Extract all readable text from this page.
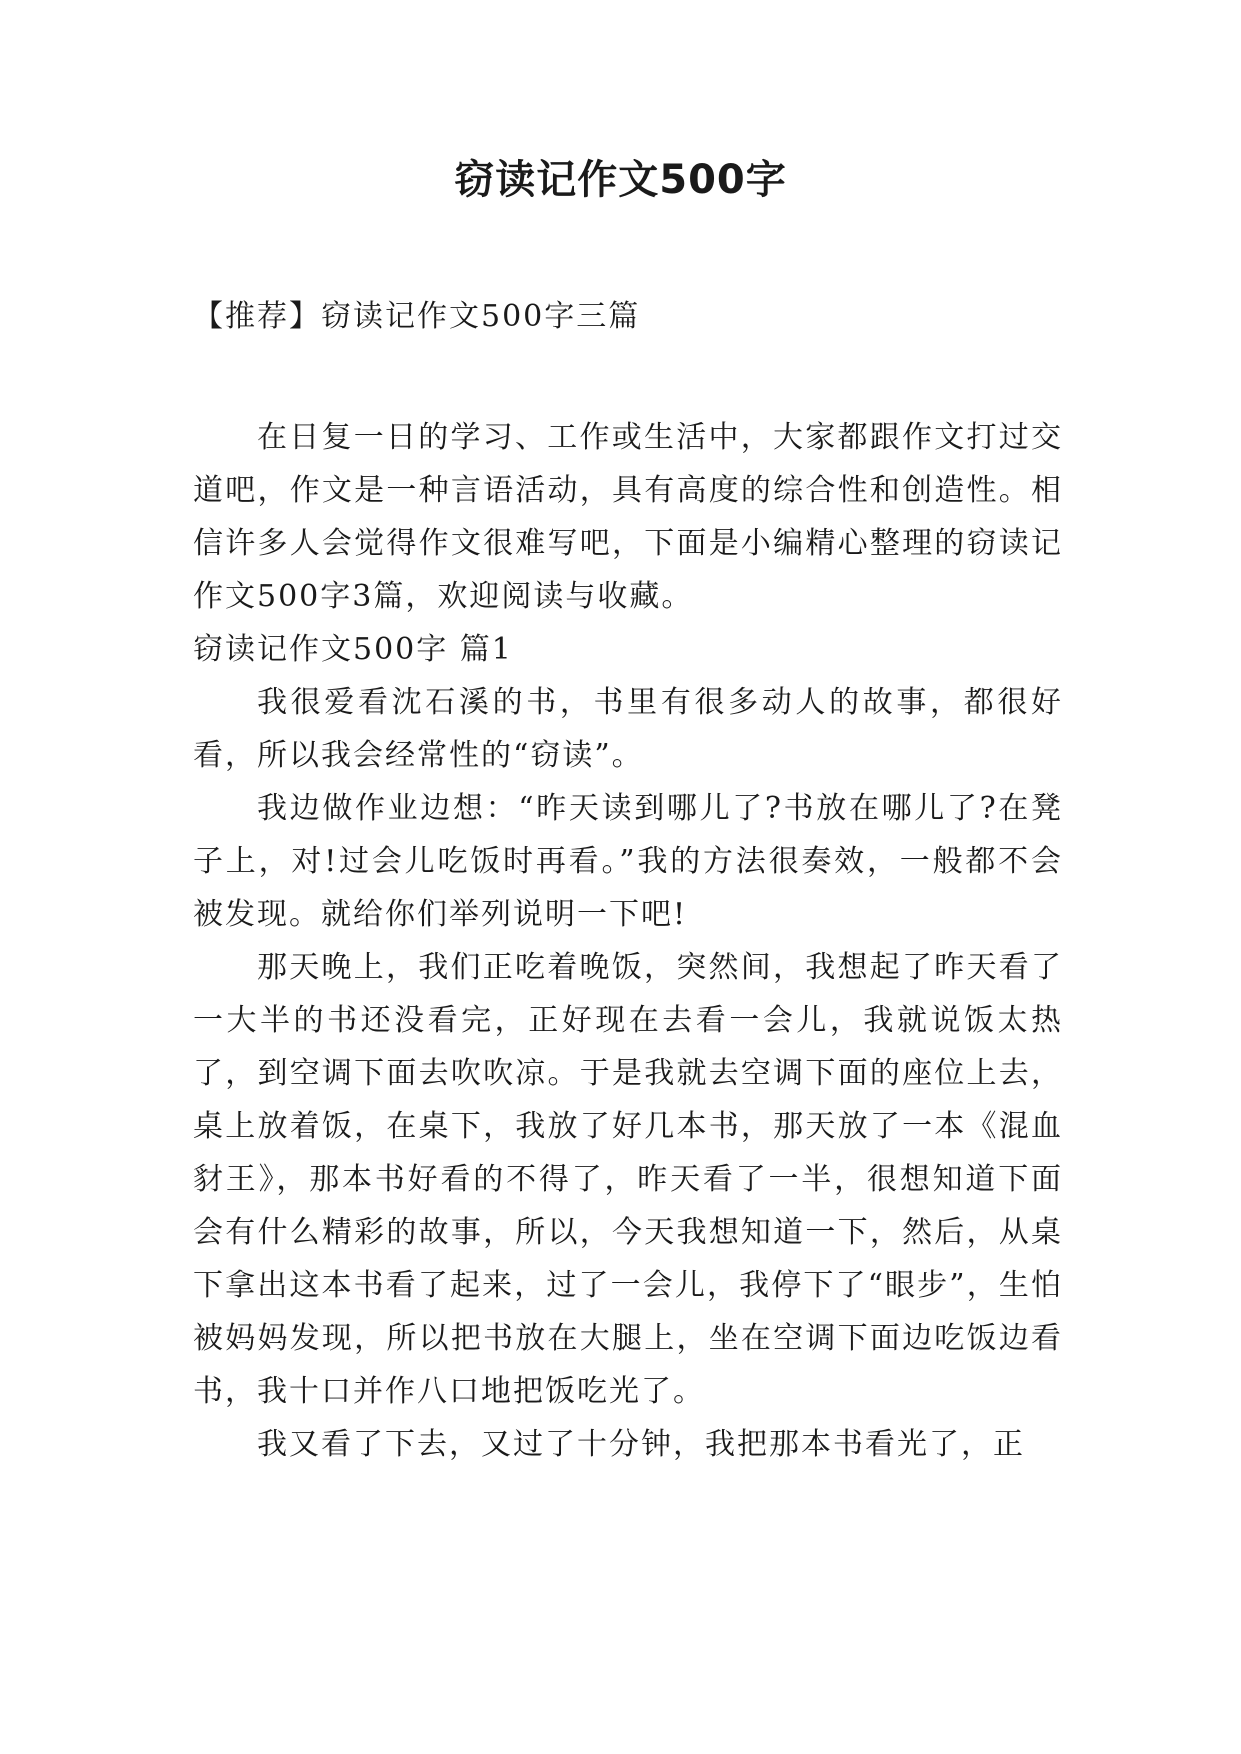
窃读记作文500字

【推荐】窃读记作文500字三篇

在日复一日的学习、工作或生活中，大家都跟作文打过交道吧，作文是一种言语活动，具有高度的综合性和创造性。相信许多人会觉得作文很难写吧，下面是小编精心整理的窃读记作文500字3篇，欢迎阅读与收藏。

窃读记作文500字 篇1

我很爱看沈石溪的书，书里有很多动人的故事，都很好看，所以我会经常性的“窃读”。

我边做作业边想：“昨天读到哪儿了?书放在哪儿了?在凳子上，对!过会儿吃饭时再看。”我的方法很奏效，一般都不会被发现。就给你们举列说明一下吧!

那天晚上，我们正吃着晚饭，突然间，我想起了昨天看了一大半的书还没看完，正好现在去看一会儿，我就说饭太热了，到空调下面去吹吹凉。于是我就去空调下面的座位上去，桌上放着饭，在桌下，我放了好几本书，那天放了一本《混血豺王》，那本书好看的不得了，昨天看了一半，很想知道下面会有什么精彩的故事，所以，今天我想知道一下，然后，从桌下拿出这本书看了起来，过了一会儿，我停下了“眼步”，生怕被妈妈发现，所以把书放在大腿上，坐在空调下面边吃饭边看书，我十口并作八口地把饭吃光了。

我又看了下去，又过了十分钟，我把那本书看光了，正
